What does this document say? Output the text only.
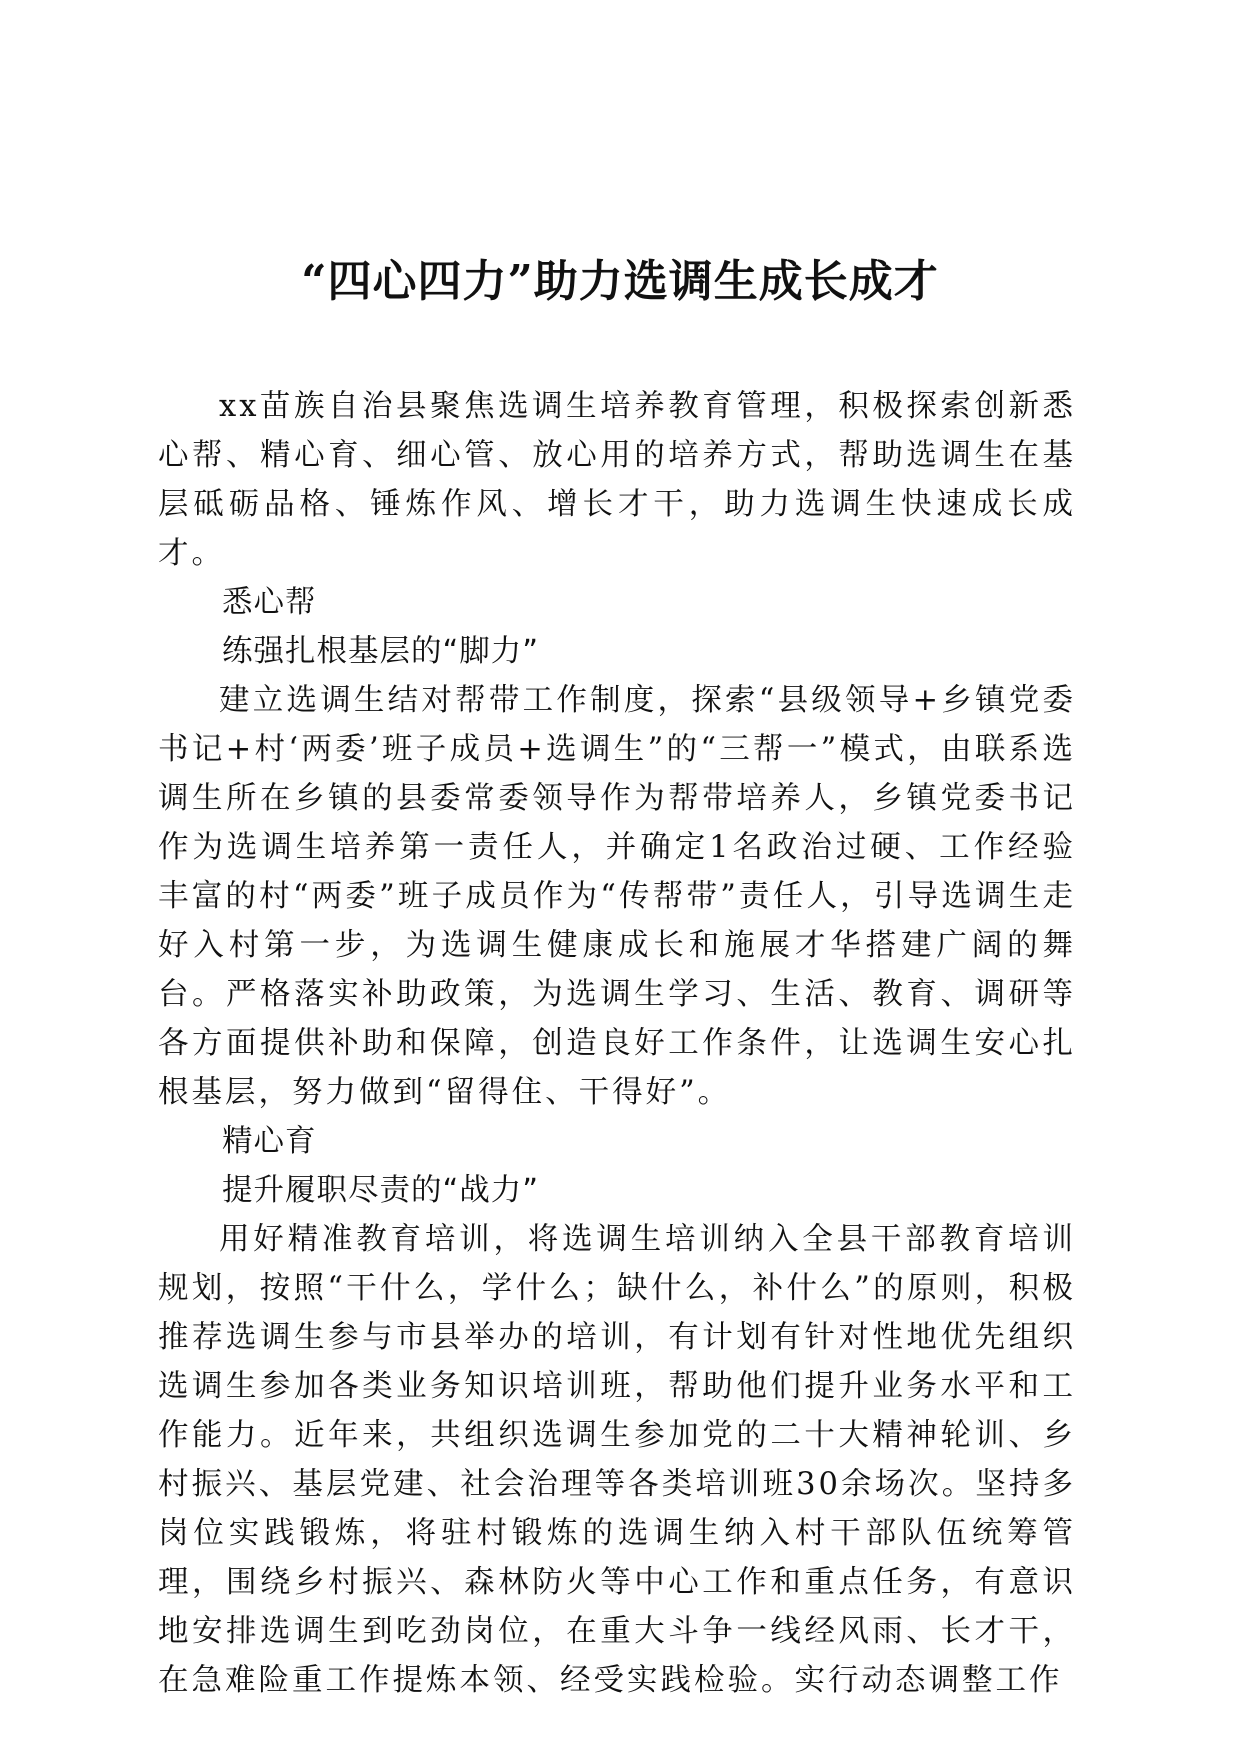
“四心四力”助力选调生成长成才

xx苗族自治县聚焦选调生培养教育管理，积极探索创新悉心帮、精心育、细心管、放心用的培养方式，帮助选调生在基层砥砺品格、锤炼作风、增长才干，助力选调生快速成长成才。

悉心帮
练强扎根基层的“脚力”

建立选调生结对帮带工作制度，探索“县级领导+乡镇党委书记+村‘两委’班子成员+选调生”的“三帮一”模式，由联系选调生所在乡镇的县委常委领导作为帮带培养人，乡镇党委书记作为选调生培养第一责任人，并确定1名政治过硬、工作经验丰富的村“两委”班子成员作为“传帮带”责任人，引导选调生走好入村第一步，为选调生健康成长和施展才华搭建广阔的舞台。严格落实补助政策，为选调生学习、生活、教育、调研等各方面提供补助和保障，创造良好工作条件，让选调生安心扎根基层，努力做到“留得住、干得好”。

精心育
提升履职尽责的“战力”

用好精准教育培训，将选调生培训纳入全县干部教育培训规划，按照“干什么，学什么；缺什么，补什么”的原则，积极推荐选调生参与市县举办的培训，有计划有针对性地优先组织选调生参加各类业务知识培训班，帮助他们提升业务水平和工作能力。近年来，共组织选调生参加党的二十大精神轮训、乡村振兴、基层党建、社会治理等各类培训班30余场次。坚持多岗位实践锻炼，将驻村锻炼的选调生纳入村干部队伍统筹管理，围绕乡村振兴、森林防火等中心工作和重点任务，有意识地安排选调生到吃劲岗位，在重大斗争一线经风雨、长才干，在急难险重工作提炼本领、经受实践检验。实行动态调整工作
